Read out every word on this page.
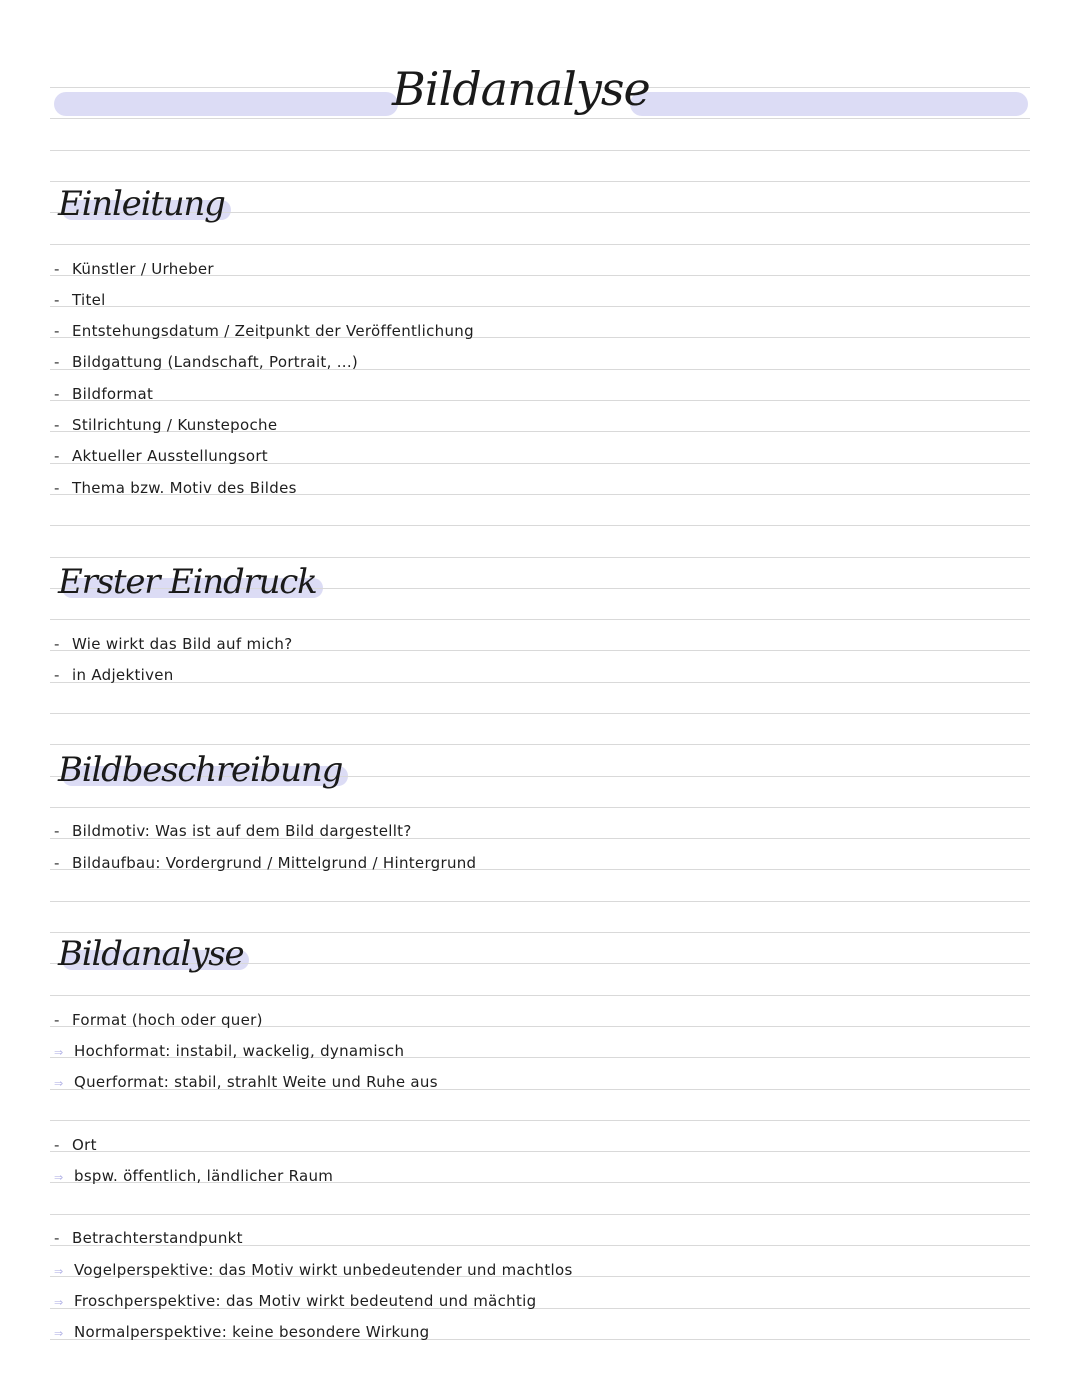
Bildanalyse
Einleitung
- Künstler / Urheber
- Titel
- Entstehungsdatum / Zeitpunkt der Veröffentlichung
- Bildgattung (Landschaft, Portrait, ...)
- Bildformat
- Stilrichtung / Kunstepoche
- Aktueller Ausstellungsort
- Thema bzw. Motiv des Bildes
Erster Eindruck
- Wie wirkt das Bild auf mich?
- in Adjektiven
Bildbeschreibung
- Bildmotiv: Was ist auf dem Bild dargestellt?
- Bildaufbau: Vordergrund / Mittelgrund / Hintergrund
Bildanalyse
- Format (hoch oder quer)
⇒ Hochformat: instabil, wackelig, dynamisch
⇒ Querformat: stabil, strahlt Weite und Ruhe aus
- Ort
⇒ bspw. öffentlich, ländlicher Raum
- Betrachterstandpunkt
⇒ Vogelperspektive: das Motiv wirkt unbedeutender und machtlos
⇒ Froschperspektive: das Motiv wirkt bedeutend und mächtig
⇒ Normalperspektive: keine besondere Wirkung
